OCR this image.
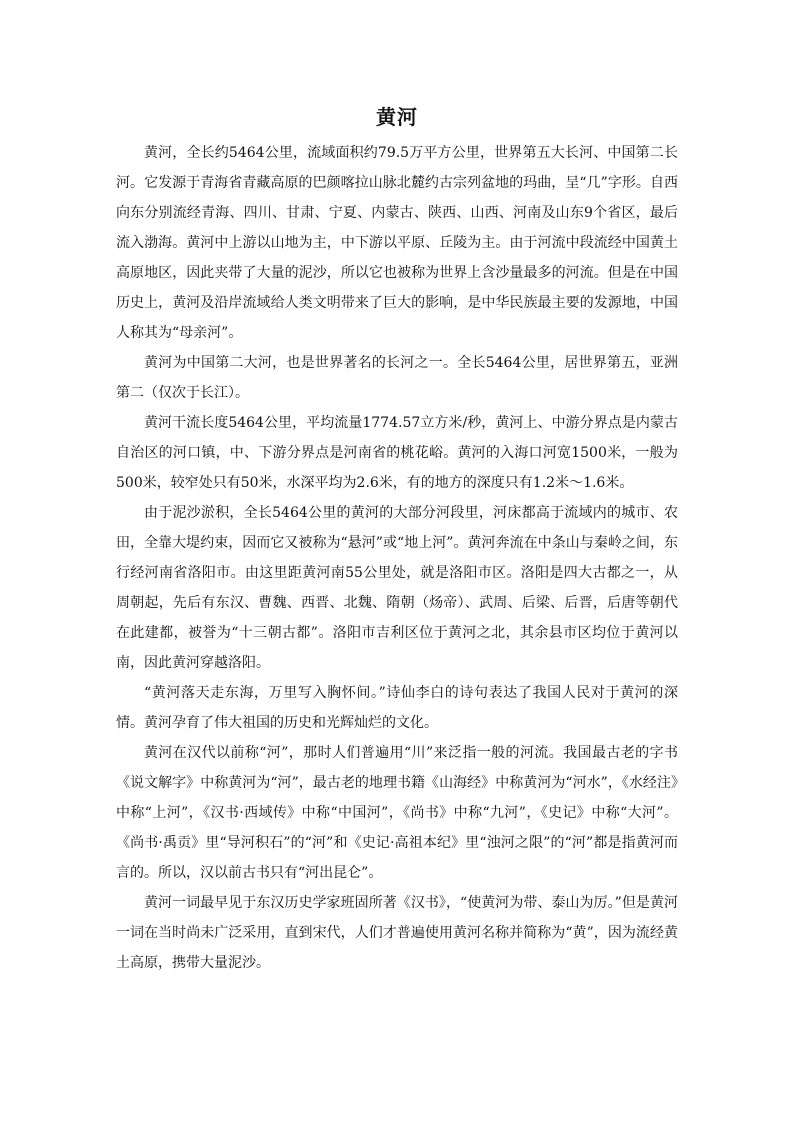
黄河

黄河，全长约5464公里，流域面积约79.5万平方公里，世界第五大长河、中国第二长河。它发源于青海省青藏高原的巴颜喀拉山脉北麓约古宗列盆地的玛曲，呈“几”字形。自西向东分别流经青海、四川、甘肃、宁夏、内蒙古、陕西、山西、河南及山东9个省区，最后流入渤海。黄河中上游以山地为主，中下游以平原、丘陵为主。由于河流中段流经中国黄土高原地区，因此夹带了大量的泥沙，所以它也被称为世界上含沙量最多的河流。但是在中国历史上，黄河及沿岸流域给人类文明带来了巨大的影响，是中华民族最主要的发源地，中国人称其为“母亲河”。

黄河为中国第二大河，也是世界著名的长河之一。全长5464公里，居世界第五，亚洲第二（仅次于长江）。

黄河干流长度5464公里，平均流量1774.57立方米/秒，黄河上、中游分界点是内蒙古自治区的河口镇，中、下游分界点是河南省的桃花峪。黄河的入海口河宽1500米，一般为500米，较窄处只有50米，水深平均为2.6米，有的地方的深度只有1.2米～1.6米。

由于泥沙淤积，全长5464公里的黄河的大部分河段里，河床都高于流域内的城市、农田，全靠大堤约束，因而它又被称为“悬河”或“地上河”。黄河奔流在中条山与秦岭之间，东行经河南省洛阳市。由这里距黄河南55公里处，就是洛阳市区。洛阳是四大古都之一，从周朝起，先后有东汉、曹魏、西晋、北魏、隋朝（炀帝）、武周、后梁、后晋，后唐等朝代在此建都，被誉为“十三朝古都”。洛阳市吉利区位于黄河之北，其余县市区均位于黄河以南，因此黄河穿越洛阳。

“黄河落天走东海，万里写入胸怀间。”诗仙李白的诗句表达了我国人民对于黄河的深情。黄河孕育了伟大祖国的历史和光辉灿烂的文化。

黄河在汉代以前称“河”，那时人们普遍用“川”来泛指一般的河流。我国最古老的字书《说文解字》中称黄河为“河”，最古老的地理书籍《山海经》中称黄河为“河水”，《水经注》中称“上河”，《汉书·西域传》中称“中国河”，《尚书》中称“九河”，《史记》中称“大河”。《尚书·禹贡》里“导河积石”的“河”和《史记·高祖本纪》里“浊河之限”的“河”都是指黄河而言的。所以，汉以前古书只有“河出昆仑”。

黄河一词最早见于东汉历史学家班固所著《汉书》，“使黄河为带、泰山为厉。”但是黄河一词在当时尚未广泛采用，直到宋代，人们才普遍使用黄河名称并简称为“黄”，因为流经黄土高原，携带大量泥沙。
